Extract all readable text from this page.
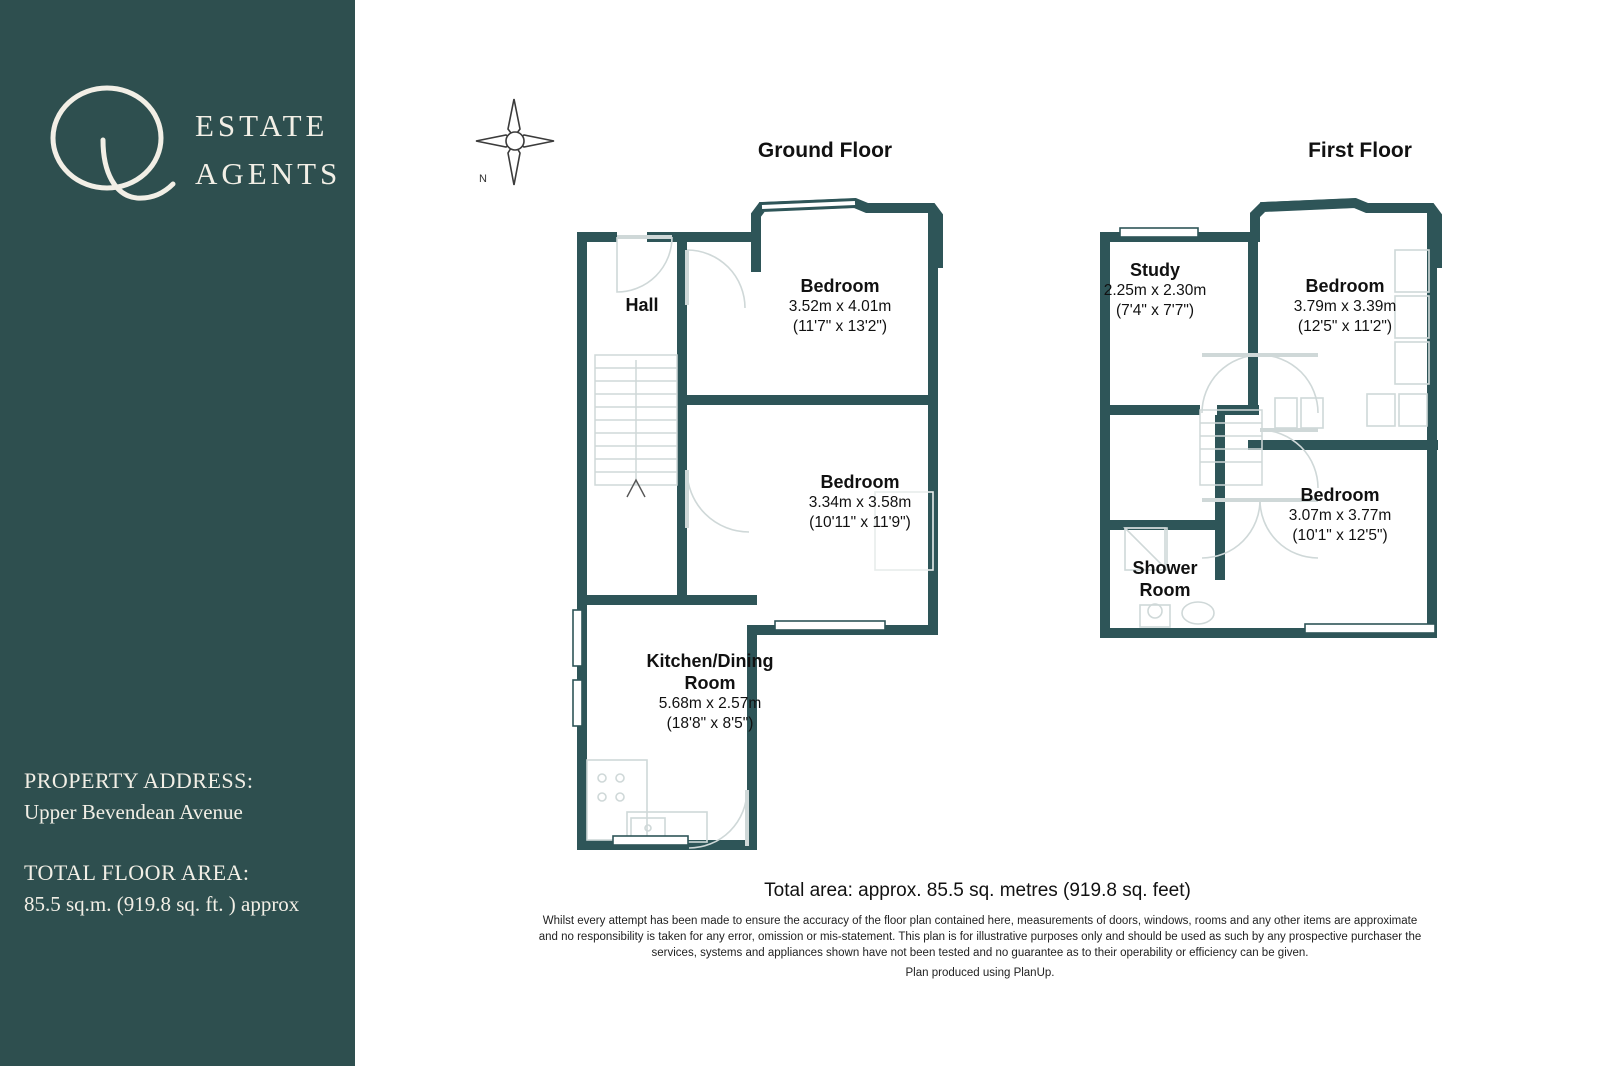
ESTATE
AGENTS
PROPERTY ADDRESS:
Upper Bevendean Avenue
TOTAL FLOOR AREA:
85.5 sq.m. (919.8 sq. ft. ) approx
N
Ground Floor	First Floor
Hall
Bedroom
3.52m x 4.01m
(11'7" x 13'2")
Bedroom
3.34m x 3.58m
(10'11" x 11'9")
Kitchen/Dining
Room
5.68m x 2.57m
(18'8" x 8'5")
Study
2.25m x 2.30m
(7'4" x 7'7")
Bedroom
3.79m x 3.39m
(12'5" x 11'2")
Bedroom
3.07m x 3.77m
(10'1" x 12'5")
Shower
Room
Total area: approx. 85.5 sq. metres (919.8 sq. feet)
Whilst every attempt has been made to ensure the accuracy of the floor plan contained here, measurements of doors, windows, rooms and any other items are approximate and no responsibility is taken for any error, omission or mis-statement. This plan is for illustrative purposes only and should be used as such by any prospective purchaser the services, systems and appliances shown have not been tested and no guarantee as to their operability or efficiency can be given.
Plan produced using PlanUp.
